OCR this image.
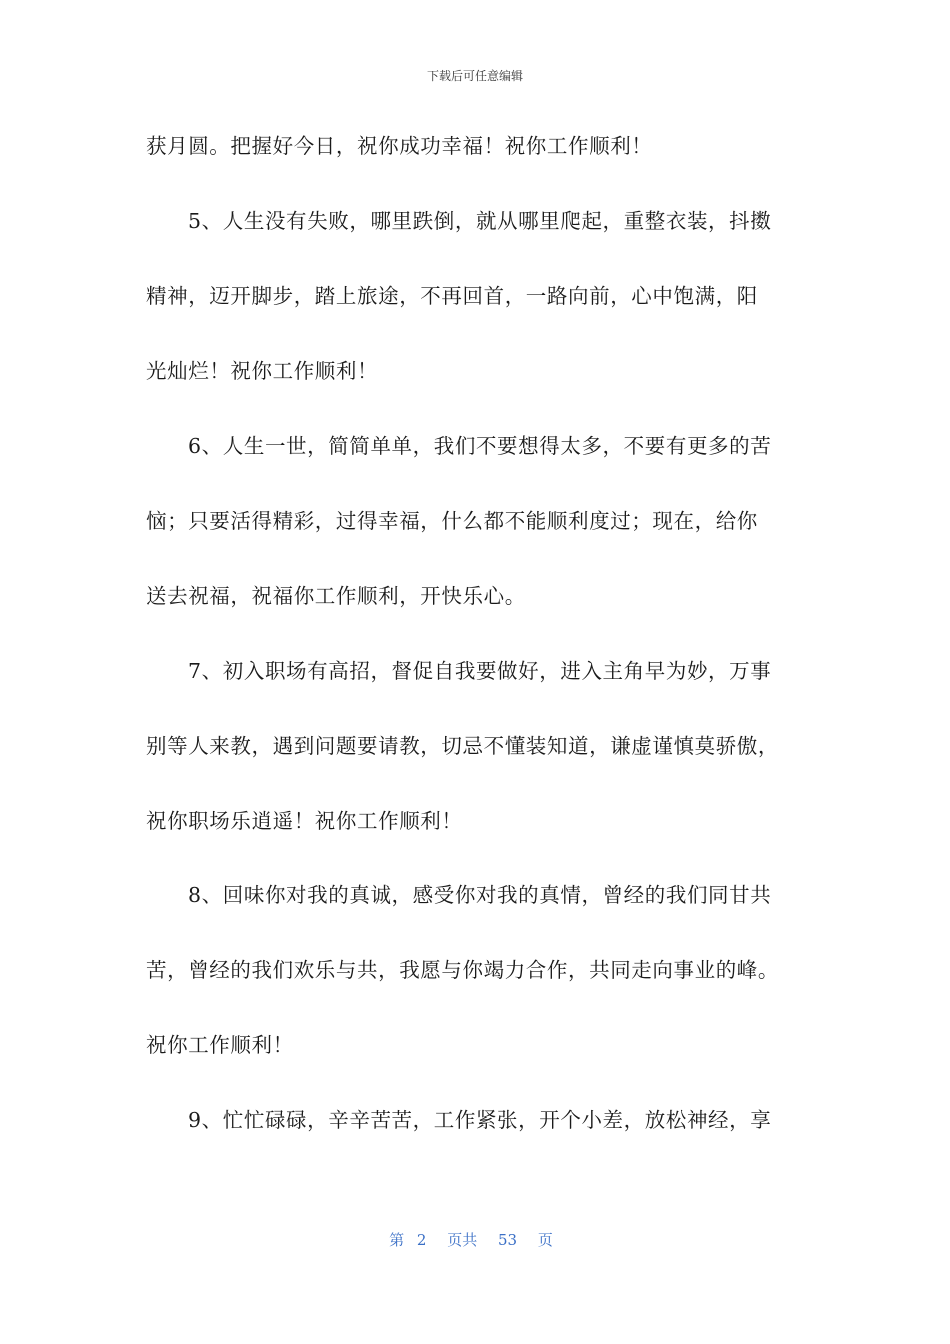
下载后可任意编辑
获月圆。把握好今日，祝你成功幸福！祝你工作顺利！
5、人生没有失败，哪里跌倒，就从哪里爬起，重整衣装，抖擞
精神，迈开脚步，踏上旅途，不再回首，一路向前，心中饱满，阳
光灿烂！祝你工作顺利！
6、人生一世，简简单单，我们不要想得太多，不要有更多的苦
恼；只要活得精彩，过得幸福，什么都不能顺利度过；现在，给你
送去祝福，祝福你工作顺利，开快乐心。
7、初入职场有高招，督促自我要做好，进入主角早为妙，万事
别等人来教，遇到问题要请教，切忌不懂装知道，谦虚谨慎莫骄傲，
祝你职场乐逍遥！祝你工作顺利！
8、回味你对我的真诚，感受你对我的真情，曾经的我们同甘共
苦，曾经的我们欢乐与共，我愿与你竭力合作，共同走向事业的峰。
祝你工作顺利！
9、忙忙碌碌，辛辛苦苦，工作紧张，开个小差，放松神经，享
第 2 页共 53 页
